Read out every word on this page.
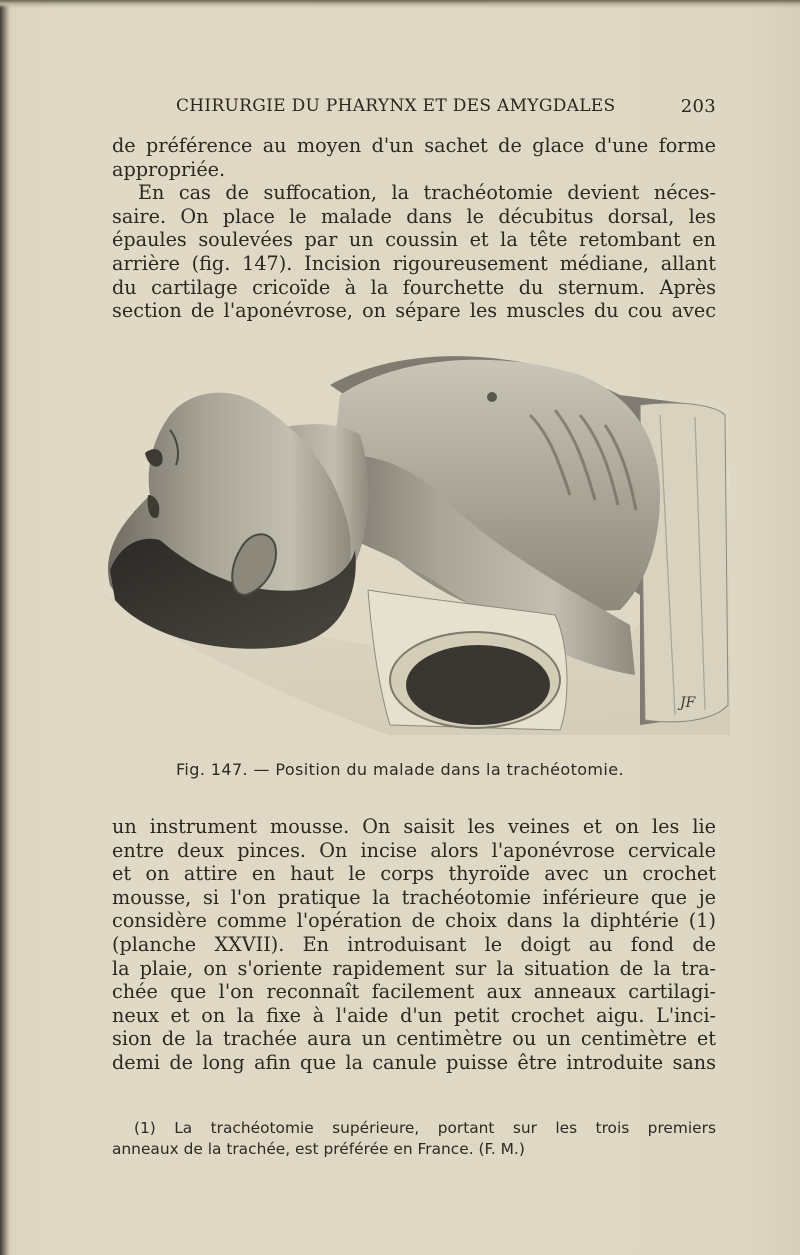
CHIRURGIE DU PHARYNX ET DES AMYGDALES	203
de préférence au moyen d'un sachet de glace d'une forme
appropriée.
En cas de suffocation, la trachéotomie devient néces-
saire. On place le malade dans le décubitus dorsal, les
épaules soulevées par un coussin et la tête retombant en
arrière (fig. 147). Incision rigoureusement médiane, allant
du cartilage cricoïde à la fourchette du sternum. Après
section de l'aponévrose, on sépare les muscles du cou avec
JF
Fig. 147. — Position du malade dans la trachéotomie.
un instrument mousse. On saisit les veines et on les lie
entre deux pinces. On incise alors l'aponévrose cervicale
et on attire en haut le corps thyroïde avec un crochet
mousse, si l'on pratique la trachéotomie inférieure que je
considère comme l'opération de choix dans la diphtérie (1)
(planche XXVII). En introduisant le doigt au fond de
la plaie, on s'oriente rapidement sur la situation de la tra-
chée que l'on reconnaît facilement aux anneaux cartilagi-
neux et on la fixe à l'aide d'un petit crochet aigu. L'inci-
sion de la trachée aura un centimètre ou un centimètre et
demi de long afin que la canule puisse être introduite sans
(1) La trachéotomie supérieure, portant sur les trois premiers
anneaux de la trachée, est préférée en France. (F. M.)
